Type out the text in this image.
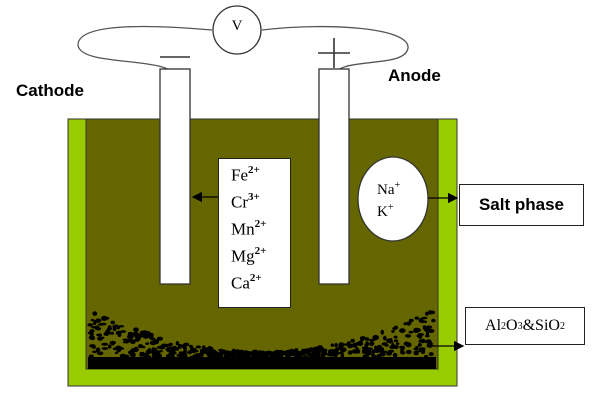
V
Cathode
Anode
$Fe^{2+}$
$Cr^{3+}$
$Mn^{2+}$
$Mg^{2+}$
$Ca^{2+}$
Na+
K+	Salt phase
Al 2 O 3 & SiO 2
